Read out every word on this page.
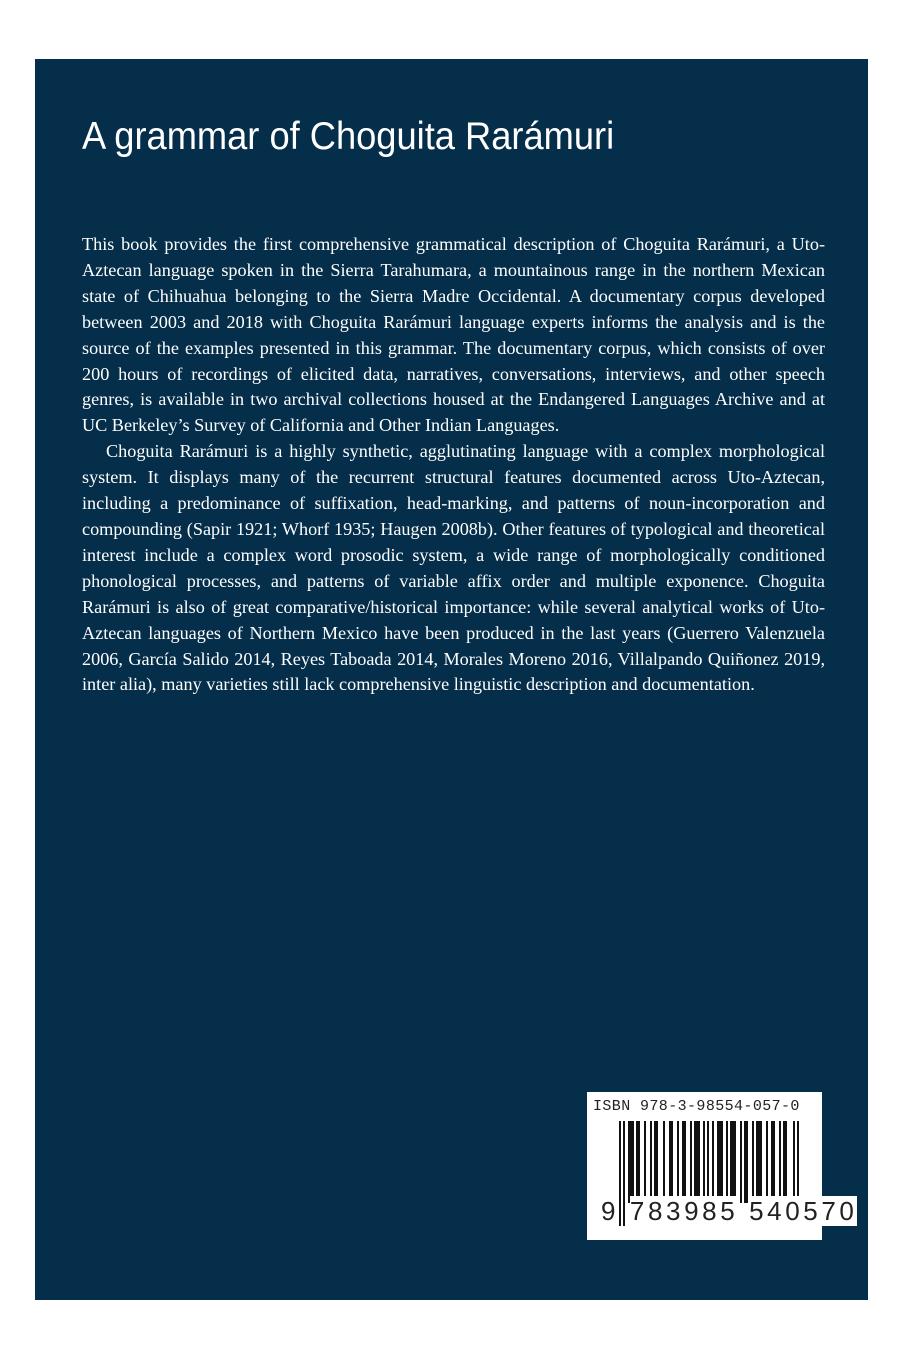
A grammar of Choguita Rarámuri

This book provides the first comprehensive grammatical description of Choguita Rarámuri, a Uto-Aztecan language spoken in the Sierra Tarahumara, a mountainous range in the northern Mexican state of Chihuahua belonging to the Sierra Madre Occidental. A documentary corpus developed between 2003 and 2018 with Choguita Rarámuri language experts informs the analysis and is the source of the examples presented in this grammar. The documentary corpus, which consists of over 200 hours of recordings of elicited data, narratives, conversations, interviews, and other speech genres, is available in two archival collections housed at the Endangered Languages Archive and at UC Berkeley’s Survey of California and Other Indian Languages.

Choguita Rarámuri is a highly synthetic, agglutinating language with a complex morphological system. It displays many of the recurrent structural features documented across Uto-Aztecan, including a predominance of suffixation, head-marking, and patterns of noun-incorporation and compounding (Sapir 1921; Whorf 1935; Haugen 2008b). Other features of typological and theoretical interest include a complex word prosodic system, a wide range of morphologically conditioned phonological processes, and patterns of variable affix order and multiple exponence. Choguita Rarámuri is also of great comparative/historical importance: while several analytical works of Uto-Aztecan languages of Northern Mexico have been produced in the last years (Guerrero Valenzuela 2006, García Salido 2014, Reyes Taboada 2014, Morales Moreno 2016, Villalpando Quiñonez 2019, inter alia), many varieties still lack comprehensive linguistic description and documentation.

ISBN 978-3-98554-057-0
9 783985 540570
